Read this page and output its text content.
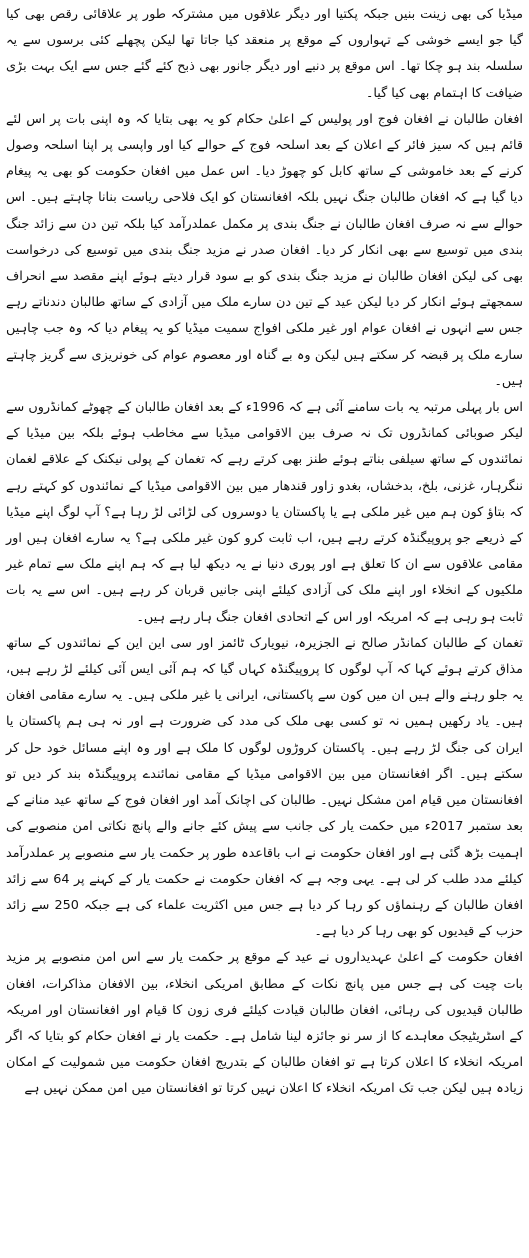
میڈیا کی بھی زینت بنیں جبکہ پکتیا اور دیگر علاقوں میں مشترکہ طور پر علاقائی رقص بھی کیا گیا جو ایسے خوشی کے تہواروں کے موقع پر منعقد کیا جاتا تھا لیکن پچھلے کئی برسوں سے یہ سلسلہ بند ہو چکا تھا۔ اس موقع پر دنبے اور دیگر جانور بھی ذبح کئے گئے جس سے ایک بہت بڑی ضیافت کا اہتمام بھی کیا گیا۔

افغان طالبان نے افغان فوج اور پولیس کے اعلیٰ حکام کو یہ بھی بتایا کہ وہ اپنی بات پر اس لئے قائم ہیں کہ سیز فائر کے اعلان کے بعد اسلحہ فوج کے حوالے کیا اور واپسی پر اپنا اسلحہ وصول کرنے کے بعد خاموشی کے ساتھ کابل کو چھوڑ دیا۔ اس عمل میں افغان حکومت کو بھی یہ پیغام دیا گیا ہے کہ افغان طالبان جنگ نہیں بلکہ افغانستان کو ایک فلاحی ریاست بنانا چاہتے ہیں۔ اس حوالے سے نہ صرف افغان طالبان نے جنگ بندی پر مکمل عملدرآمد کیا بلکہ تین دن سے زائد جنگ بندی میں توسیع سے بھی انکار کر دیا۔ افغان صدر نے مزید جنگ بندی میں توسیع کی درخواست بھی کی لیکن افغان طالبان نے مزید جنگ بندی کو بے سود قرار دیتے ہوئے اپنے مقصد سے انحراف سمجھتے ہوئے انکار کر دیا لیکن عید کے تین دن سارے ملک میں آزادی کے ساتھ طالبان دندناتے رہے جس سے انہوں نے افغان عوام اور غیر ملکی افواج سمیت میڈیا کو یہ پیغام دیا کہ وہ جب چاہیں سارے ملک پر قبضہ کر سکتے ہیں لیکن وہ بے گناہ اور معصوم عوام کی خونریزی سے گریز چاہتے ہیں۔

اس بار پہلی مرتبہ یہ بات سامنے آئی ہے کہ 1996ء کے بعد افغان طالبان کے چھوٹے کمانڈروں سے لیکر صوبائی کمانڈروں تک نہ صرف بین الاقوامی میڈیا سے مخاطب ہوئے بلکہ بین میڈیا کے نمائندوں کے ساتھ سیلفی بناتے ہوئے طنز بھی کرتے رہے کہ تغمان کے پولی نیکنک کے علاقے لغمان ننگرہار، غزنی، بلخ، بدخشاں، بغدو زاور قندھار میں بین الاقوامی میڈیا کے نمائندوں کو کہتے رہے کہ بتاؤ کون ہم میں غیر ملکی ہے یا پاکستان یا دوسروں کی لڑائی لڑ رہا ہے؟ آپ لوگ اپنے میڈیا کے ذریعے جو پروپیگنڈہ کرتے رہے ہیں، اب ثابت کرو کون غیر ملکی ہے؟ یہ سارے افغان ہیں اور مقامی علاقوں سے ان کا تعلق ہے اور پوری دنیا نے یہ دیکھ لیا ہے کہ ہم اپنے ملک سے تمام غیر ملکیوں کے انخلاء اور اپنے ملک کی آزادی کیلئے اپنی جانیں قربان کر رہے ہیں۔ اس سے یہ بات ثابت ہو رہی ہے کہ امریکہ اور اس کے اتحادی افغان جنگ ہار رہے ہیں۔

تغمان کے طالبان کمانڈر صالح نے الجزیرہ، نیویارک ٹائمز اور سی این این کے نمائندوں کے ساتھ مذاق کرتے ہوئے کہا کہ آپ لوگوں کا پروپیگنڈہ کہاں گیا کہ ہم آئی ایس آئی کیلئے لڑ رہے ہیں، یہ جلو رہنے والے ہیں ان میں کون سے پاکستانی، ایرانی یا غیر ملکی ہیں۔ یہ سارے مقامی افغان ہیں۔ یاد رکھیں ہمیں نہ تو کسی بھی ملک کی مدد کی ضرورت ہے اور نہ ہی ہم پاکستان یا ایران کی جنگ لڑ رہے ہیں۔ پاکستان کروڑوں لوگوں کا ملک ہے اور وہ اپنے مسائل خود حل کر سکتے ہیں۔ اگر افغانستان میں بین الاقوامی میڈیا کے مقامی نمائندے پروپیگنڈہ بند کر دیں تو افغانستان میں قیام امن مشکل نہیں۔ طالبان کی اچانک آمد اور افغان فوج کے ساتھ عید منانے کے بعد ستمبر 2017ء میں حکمت یار کی جانب سے پیش کئے جانے والے پانچ نکاتی امن منصوبے کی اہمیت بڑھ گئی ہے اور افغان حکومت نے اب باقاعدہ طور پر حکمت یار سے منصوبے پر عملدرآمد کیلئے مدد طلب کر لی ہے۔ یہی وجہ ہے کہ افغان حکومت نے حکمت یار کے کہنے پر 64 سے زائد افغان طالبان کے رہنماؤں کو رہا کر دیا ہے جس میں اکثریت علماء کی ہے جبکہ 250 سے زائد حزب کے قیدیوں کو بھی رہا کر دیا ہے۔

افغان حکومت کے اعلیٰ عہدیداروں نے عید کے موقع پر حکمت یار سے اس امن منصوبے پر مزید بات چیت کی ہے جس میں پانچ نکات کے مطابق امریکی انخلاء، بین الافغان مذاکرات، افغان طالبان قیدیوں کی رہائی، افغان طالبان قیادت کیلئے فری زون کا قیام اور افغانستان اور امریکہ کے اسٹریٹیجک معاہدے کا از سر نو جائزہ لینا شامل ہے۔ حکمت یار نے افغان حکام کو بتایا کہ اگر امریکہ انخلاء کا اعلان کرتا ہے تو افغان طالبان کے بتدریج افغان حکومت میں شمولیت کے امکان زیادہ ہیں لیکن جب تک امریکہ انخلاء کا اعلان نہیں کرتا تو افغانستان میں امن ممکن نہیں ہے
